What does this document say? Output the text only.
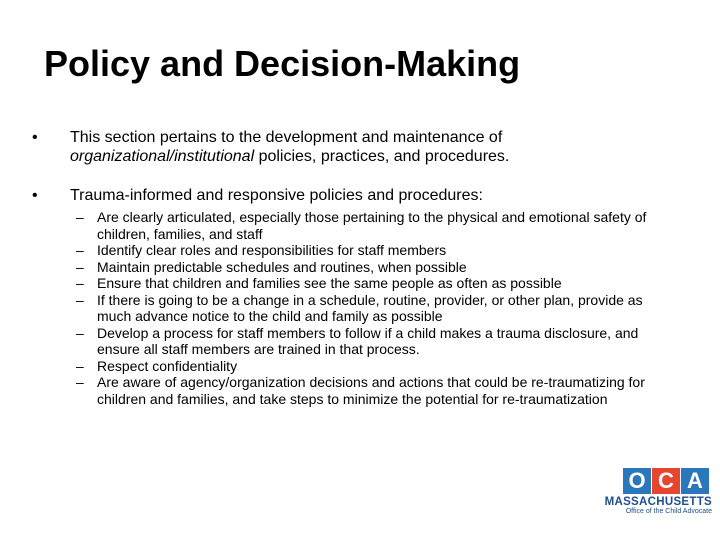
Policy and Decision-Making
•	This section pertains to the development and maintenance of organizational/institutional policies, practices, and procedures.
•	Trauma-informed and responsive policies and procedures:
– Are clearly articulated, especially those pertaining to the physical and emotional safety of children, families, and staff
– Identify clear roles and responsibilities for staff members
– Maintain predictable schedules and routines, when possible
– Ensure that children and families see the same people as often as possible
– If there is going to be a change in a schedule, routine, provider, or other plan, provide as much advance notice to the child and family as possible
– Develop a process for staff members to follow if a child makes a trauma disclosure, and ensure all staff members are trained in that process.
– Respect confidentiality
– Are aware of agency/organization decisions and actions that could be re-traumatizing for children and families, and take steps to minimize the potential for re-traumatization
O C A
MASSACHUSETTS
Office of the Child Advocate
